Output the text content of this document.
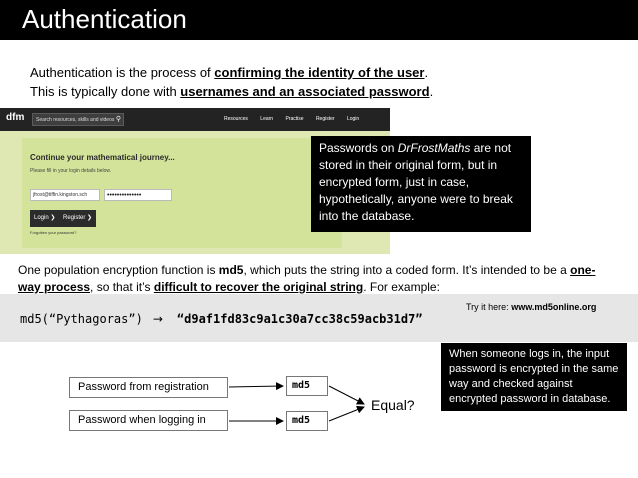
Authentication
Authentication is the process of confirming the identity of the user.
This is typically done with usernames and an associated password.
dfm	Search resources, skills and videos ⚲	Resources Learn Practise Register Login
Continue your mathematical journey...
Please fill in your login details below.
jfrost@tiffin.kingston.sch	••••••••••••••
Login ❯	Register ❯
Forgotten your password?
Passwords on DrFrostMaths are not stored in their original form, but in encrypted form, just in case, hypothetically, anyone were to break into the database.
One population encryption function is md5, which puts the string into a coded form. It’s intended to be a one-way process, so that it’s difficult to recover the original string. For example:
Try it here: www.md5online.org
md5(“Pythagoras”) → “d9af1fd83c9a1c30a7cc38c59acb31d7”
When someone logs in, the input password is encrypted in the same way and checked against encrypted password in database.
Password from registration
Password when logging in
md5
md5
Equal?
